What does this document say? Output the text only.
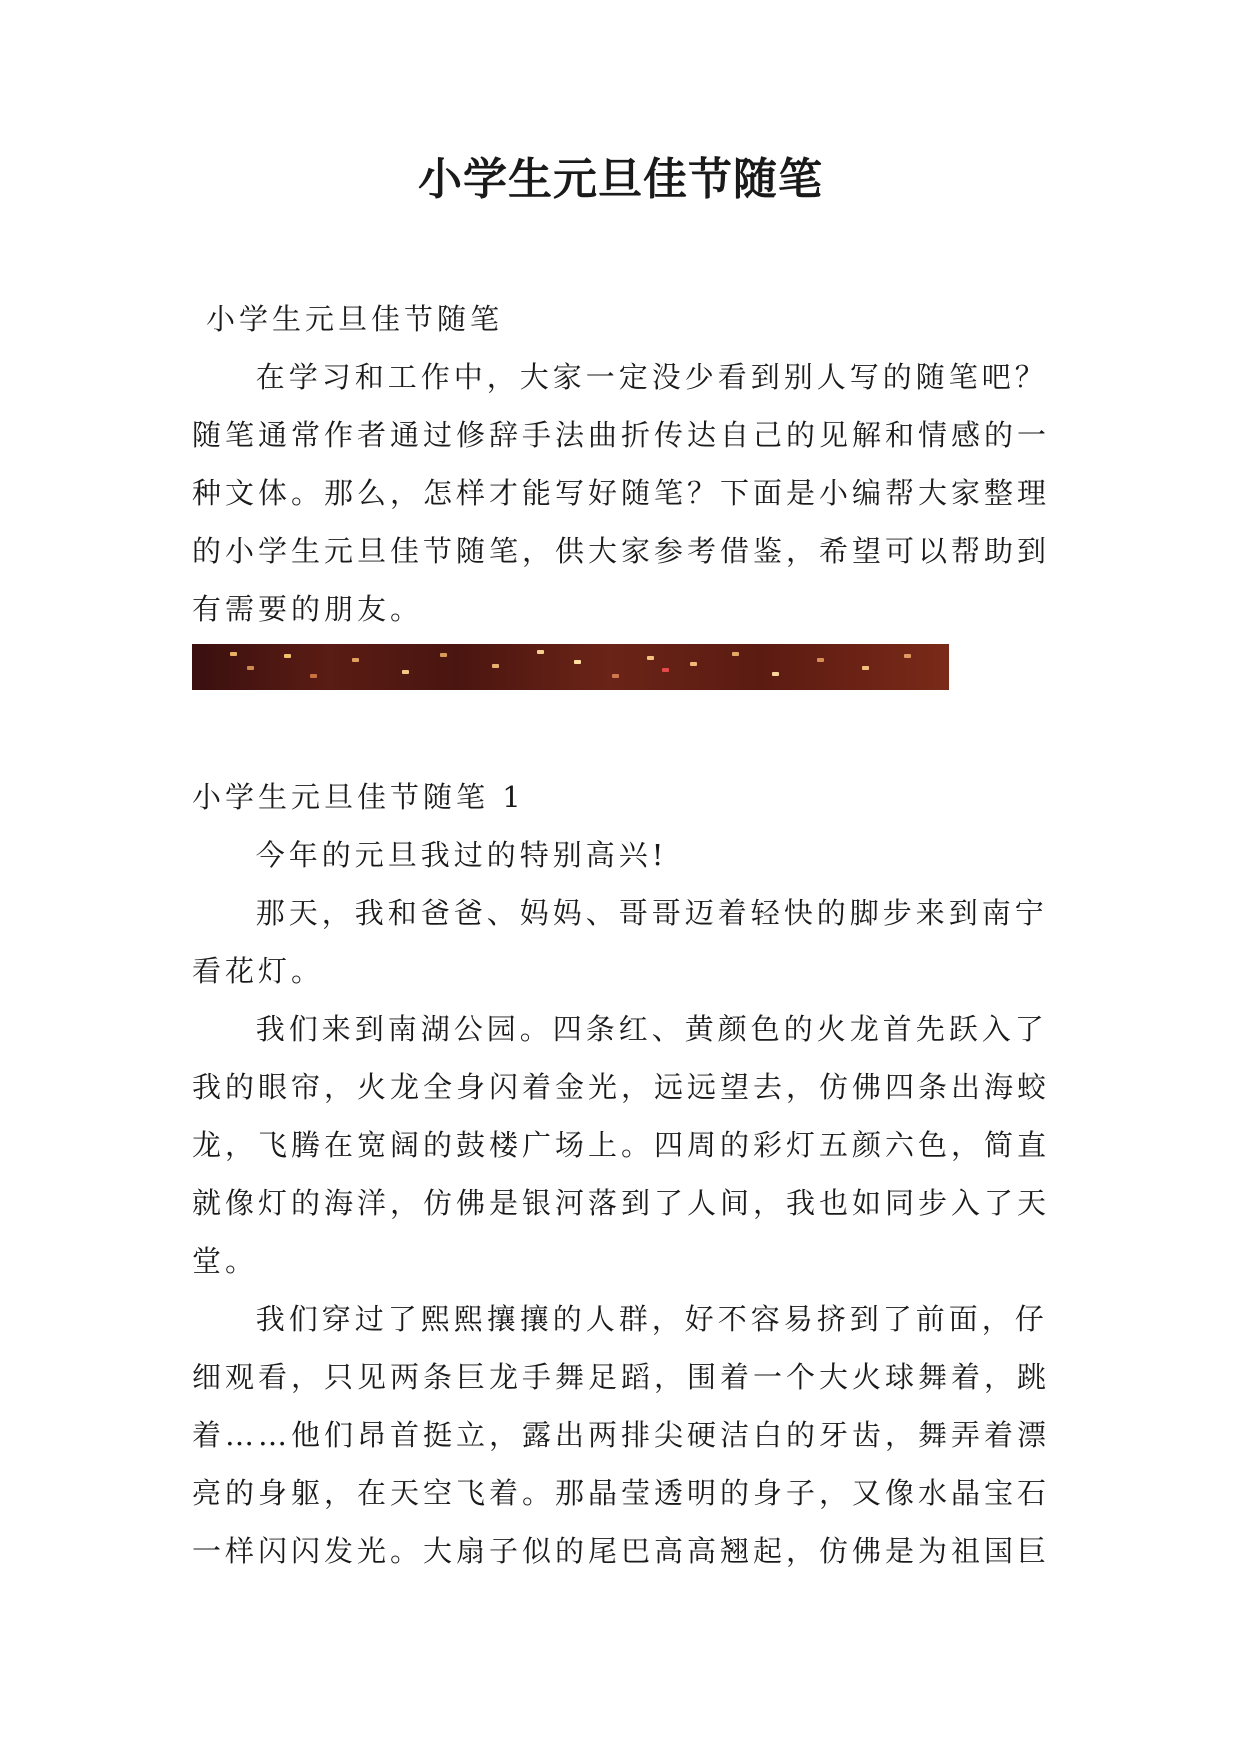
小学生元旦佳节随笔

小学生元旦佳节随笔

在学习和工作中，大家一定没少看到别人写的随笔吧？随笔通常作者通过修辞手法曲折传达自己的见解和情感的一种文体。那么，怎样才能写好随笔？下面是小编帮大家整理的小学生元旦佳节随笔，供大家参考借鉴，希望可以帮助到有需要的朋友。

小学生元旦佳节随笔 1

今年的元旦我过的特别高兴!

那天，我和爸爸、妈妈、哥哥迈着轻快的脚步来到南宁看花灯。

我们来到南湖公园。四条红、黄颜色的火龙首先跃入了我的眼帘，火龙全身闪着金光，远远望去，仿佛四条出海蛟龙，飞腾在宽阔的鼓楼广场上。四周的彩灯五颜六色，简直就像灯的海洋，仿佛是银河落到了人间，我也如同步入了天堂。

我们穿过了熙熙攘攘的人群，好不容易挤到了前面，仔细观看，只见两条巨龙手舞足蹈，围着一个大火球舞着，跳着……他们昂首挺立，露出两排尖硬洁白的牙齿，舞弄着漂亮的身躯，在天空飞着。那晶莹透明的身子，又像水晶宝石一样闪闪发光。大扇子似的尾巴高高翘起，仿佛是为祖国巨
